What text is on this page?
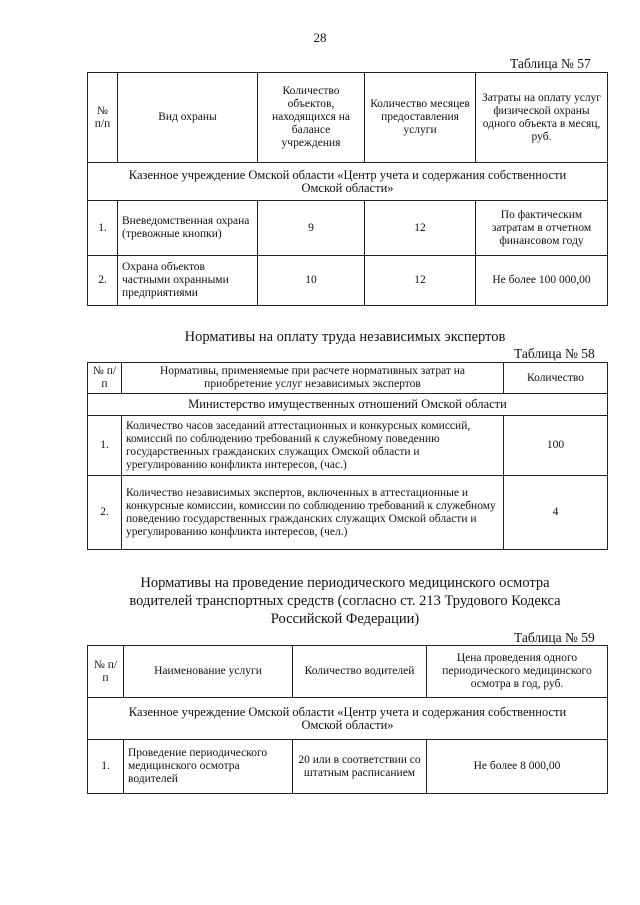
28
Таблица № 57
№ п/п	Вид охраны	Количество объектов, находящихся на балансе учреждения	Количество месяцев предоставления услуги	Затраты на оплату услуг физической охраны одного объекта в месяц, руб.
Казенное учреждение Омской области «Центр учета и содержания собственности Омской области»				
1.	Вневедомственная охрана (тревожные кнопки)	9	12	По фактическим затратам в отчетном финансовом году
2.	Охрана объектов частными охранными предприятиями	10	12	Не более 100 000,00
Нормативы на оплату труда независимых экспертов
Таблица № 58
№ п/п	Нормативы, применяемые при расчете нормативных затрат на приобретение услуг независимых экспертов	Количество
Министерство имущественных отношений Омской области		
1.	Количество часов заседаний аттестационных и конкурсных комиссий, комиссий по соблюдению требований к служебному поведению государственных гражданских служащих Омской области и урегулированию конфликта интересов, (час.)	100
2.	Количество независимых экспертов, включенных в аттестационные и конкурсные комиссии, комиссии по соблюдению требований к служебному поведению государственных гражданских служащих Омской области и урегулированию конфликта интересов, (чел.)	4
Нормативы на проведение периодического медицинского осмотра водителей транспортных средств (согласно ст. 213 Трудового Кодекса Российской Федерации)
Таблица № 59
№ п/п	Наименование услуги	Количество водителей	Цена проведения одного периодического медицинского осмотра в год, руб.
Казенное учреждение Омской области «Центр учета и содержания собственности Омской области»			
1.	Проведение периодического медицинского осмотра водителей	20 или в соответствии со штатным расписанием	Не более 8 000,00
